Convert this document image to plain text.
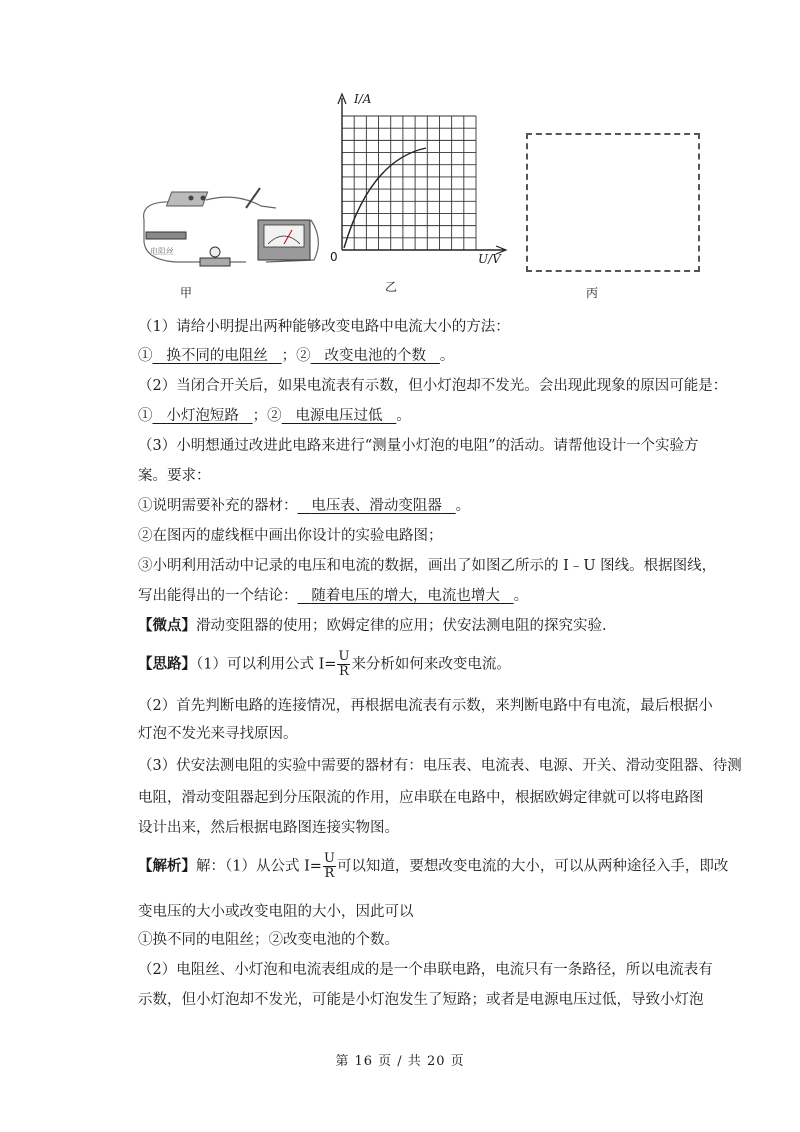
电阻丝
甲
I/A
U/V
0
乙	丙
（1）请给小明提出两种能够改变电路中电流大小的方法：
① 换不同的电阻丝 ；② 改变电池的个数 。
（2）当闭合开关后，如果电流表有示数，但小灯泡却不发光。会出现此现象的原因可能是：
① 小灯泡短路 ；② 电源电压过低 。
（3）小明想通过改进此电路来进行“测量小灯泡的电阻”的活动。请帮他设计一个实验方
案。要求：
①说明需要补充的器材： 电压表、滑动变阻器 。
②在图丙的虚线框中画出你设计的实验电路图；
③小明利用活动中记录的电压和电流的数据，画出了如图乙所示的 I﹣U 图线。根据图线，
写出能得出的一个结论： 随着电压的增大，电流也增大 。
【微点】滑动变阻器的使用；欧姆定律的应用；伏安法测电阻的探究实验.
【思路】（1）可以利用公式 $I= \frac{U}{R}$ 来分析如何来改变电流。
（2）首先判断电路的连接情况，再根据电流表有示数，来判断电路中有电流，最后根据小
灯泡不发光来寻找原因。
（3）伏安法测电阻的实验中需要的器材有：电压表、电流表、电源、开关、滑动变阻器、待测
电阻，滑动变阻器起到分压限流的作用，应串联在电路中，根据欧姆定律就可以将电路图
设计出来，然后根据电路图连接实物图。
【解析】解：（1）从公式 $I= \frac{U}{R}$ 可以知道，要想改变电流的大小，可以从两种途径入手，即改
变电压的大小或改变电阻的大小，因此可以
①换不同的电阻丝；②改变电池的个数。
（2）电阻丝、小灯泡和电流表组成的是一个串联电路，电流只有一条路径，所以电流表有
示数，但小灯泡却不发光，可能是小灯泡发生了短路；或者是电源电压过低，导致小灯泡
第 16 页 / 共 20 页
